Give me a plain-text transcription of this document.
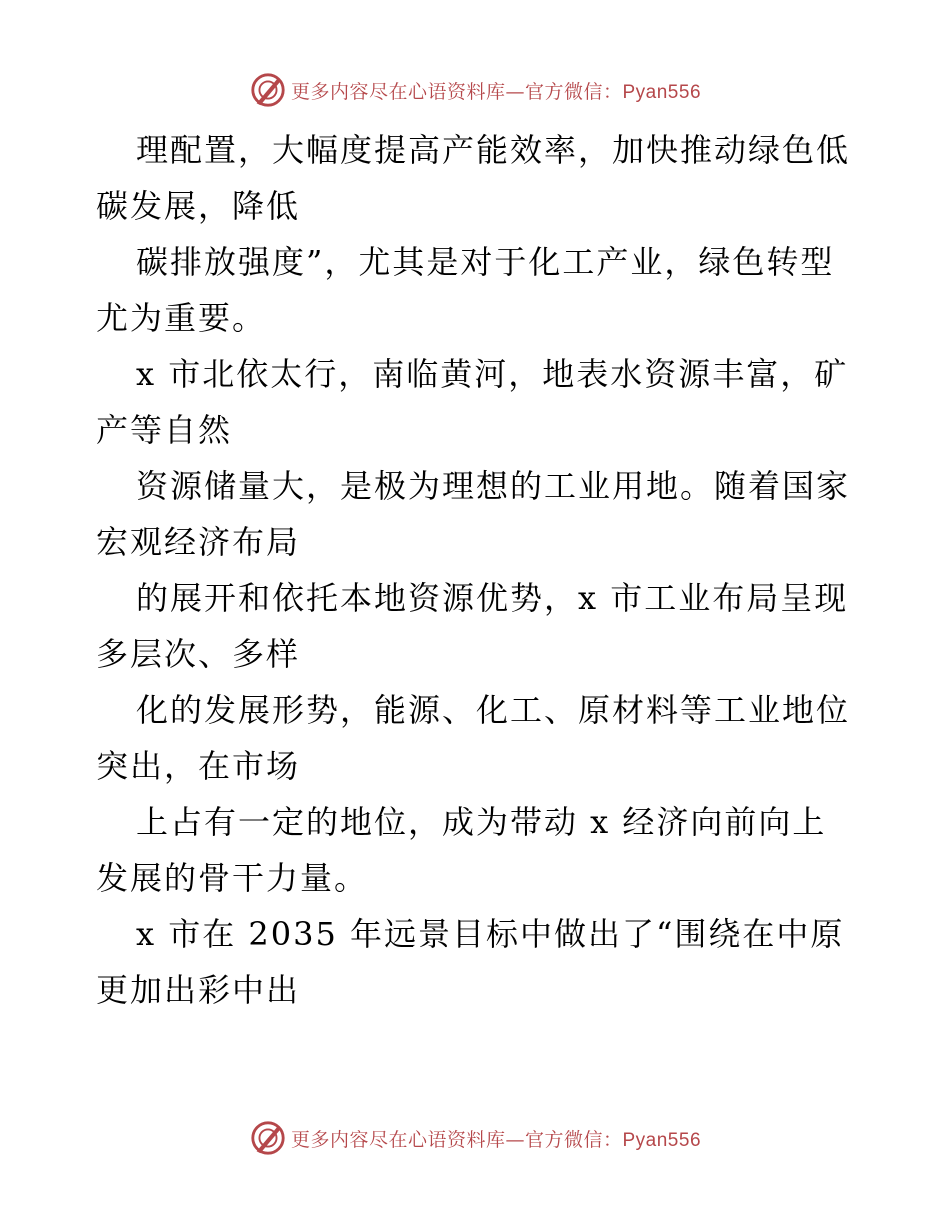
更多内容尽在心语资料库—官方微信：Pyan556
理配置，大幅度提高产能效率，加快推动绿色低
碳发展，降低
碳排放强度”，尤其是对于化工产业，绿色转型
尤为重要。
x 市北依太行，南临黄河，地表水资源丰富，矿
产等自然
资源储量大，是极为理想的工业用地。随着国家
宏观经济布局
的展开和依托本地资源优势，x 市工业布局呈现
多层次、多样
化的发展形势，能源、化工、原材料等工业地位
突出，在市场
上占有一定的地位，成为带动 x 经济向前向上
发展的骨干力量。
x 市在 2035 年远景目标中做出了“围绕在中原
更加出彩中出
更多内容尽在心语资料库—官方微信：Pyan556
